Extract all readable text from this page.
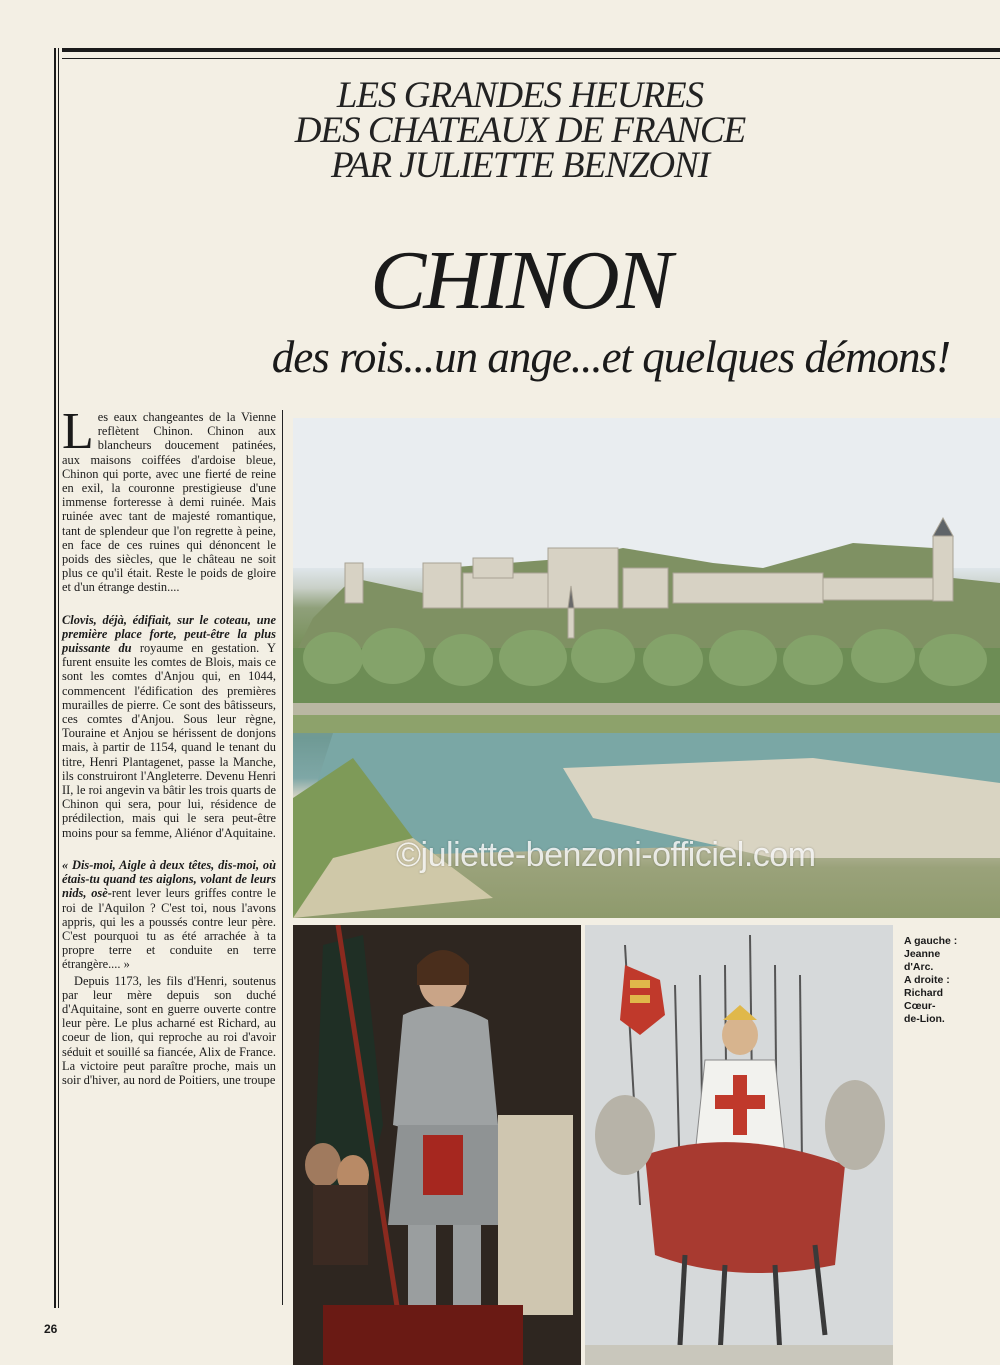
LES GRANDES HEURES
DES CHATEAUX DE FRANCE
PAR JULIETTE BENZONI
CHINON
des rois...un ange...et quelques démons!

Les eaux changeantes de la Vienne reflètent Chinon. Chinon aux blancheurs doucement patinées, aux maisons coiffées d'ardoise bleue, Chinon qui porte, avec une fierté de reine en exil, la couronne prestigieuse d'une immense forteresse à demi ruinée. Mais ruinée avec tant de majesté romantique, tant de splendeur que l'on regrette à peine, en face de ces ruines qui dénoncent le poids des siècles, que le château ne soit plus ce qu'il était. Reste le poids de gloire et d'un étrange destin....

Clovis, déjà, édifiait, sur le coteau, une première place forte, peut-être la plus puissante du royaume en gestation. Y furent ensuite les comtes de Blois, mais ce sont les comtes d'Anjou qui, en 1044, commencent l'édification des premières murailles de pierre. Ce sont des bâtisseurs, ces comtes d'Anjou. Sous leur règne, Touraine et Anjou se hérissent de donjons mais, à partir de 1154, quand le tenant du titre, Henri Plantagenet, passe la Manche, ils construiront l'Angleterre. Devenu Henri II, le roi angevin va bâtir les trois quarts de Chinon qui sera, pour lui, résidence de prédilection, mais qui le sera peut-être moins pour sa femme, Aliénor d'Aquitaine.

« Dis-moi, Aigle à deux têtes, dis-moi, où étais-tu quand tes aiglons, volant de leurs nids, osè-rent lever leurs griffes contre le roi de l'Aquilon ? C'est toi, nous l'avons appris, qui les a poussés contre leur père. C'est pourquoi tu as été arrachée à ta propre terre et conduite en terre étrangère.... »

Depuis 1173, les fils d'Henri, soutenus par leur mère depuis son duché d'Aquitaine, sont en guerre ouverte contre leur père. Le plus acharné est Richard, au coeur de lion, qui reproche au roi d'avoir séduit et souillé sa fiancée, Alix de France. La victoire peut paraître proche, mais un soir d'hiver, au nord de Poitiers, une troupe

A gauche :
Jeanne
d'Arc.
A droite :
Richard
Cœur-
de-Lion.
©juliette-benzoni-officiel.com
26
